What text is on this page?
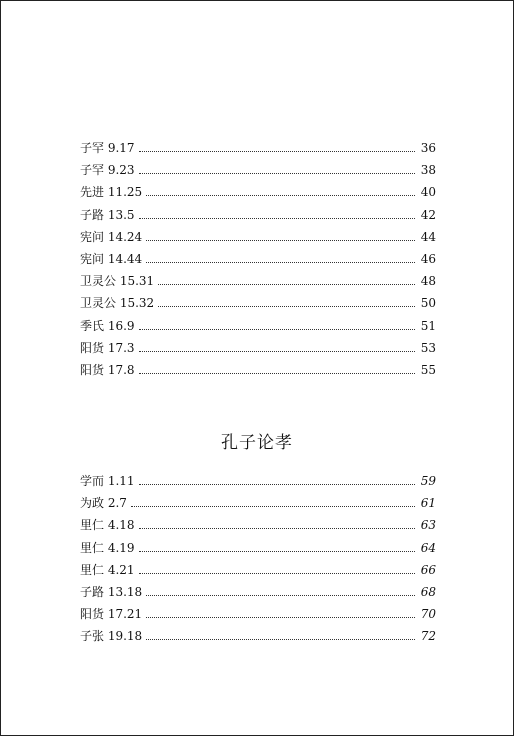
子罕 9.17	36
子罕 9.23	38
先进 11.25	40
子路 13.5	42
宪问 14.24	44
宪问 14.44	46
卫灵公 15.31	48
卫灵公 15.32	50
季氏 16.9	51
阳货 17.3	53
阳货 17.8	55
孔子论孝
学而 1.11	59
为政 2.7	61
里仁 4.18	63
里仁 4.19	64
里仁 4.21	66
子路 13.18	68
阳货 17.21	70
子张 19.18	72
